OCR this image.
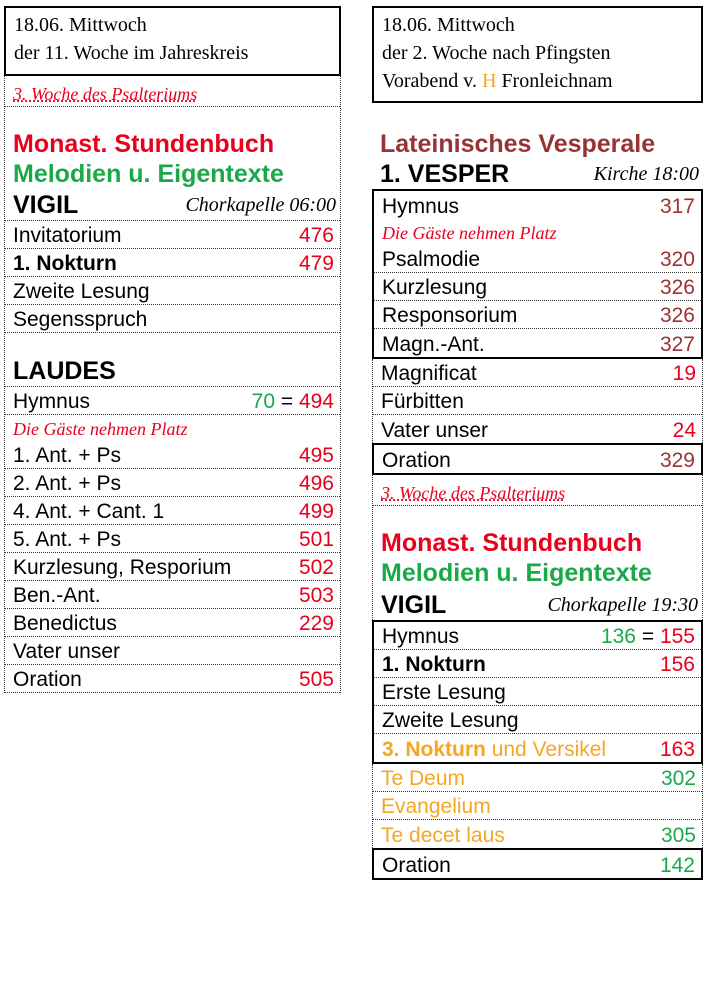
18.06. Mittwoch
der 11. Woche im Jahreskreis
3. Woche des Psalteriums
Monast. Stundenbuch
Melodien u. Eigentexte
VIGIL	Chorkapelle 06:00
Invitatorium	476
1. Nokturn	479
Zweite Lesung
Segensspruch
LAUDES
Hymnus	70 = 494
Die Gäste nehmen Platz
1. Ant. + Ps	495
2. Ant. + Ps	496
4. Ant. + Cant. 1	499
5. Ant. + Ps	501
Kurzlesung, Resporium	502
Ben.-Ant.	503
Benedictus	229
Vater unser
Oration	505
18.06. Mittwoch
der 2. Woche nach Pfingsten
Vorabend v. H Fronleichnam
Lateinisches Vesperale
1. VESPER	Kirche 18:00
Hymnus	317
Die Gäste nehmen Platz
Psalmodie	320
Kurzlesung	326
Responsorium	326
Magn.-Ant.	327
Magnificat	19
Fürbitten
Vater unser	24
Oration	329
3. Woche des Psalteriums
Monast. Stundenbuch
Melodien u. Eigentexte
VIGIL	Chorkapelle 19:30
Hymnus	136 = 155
1. Nokturn	156
Erste Lesung
Zweite Lesung
3. Nokturn und Versikel	163
Te Deum	302
Evangelium
Te decet laus	305
Oration	142
